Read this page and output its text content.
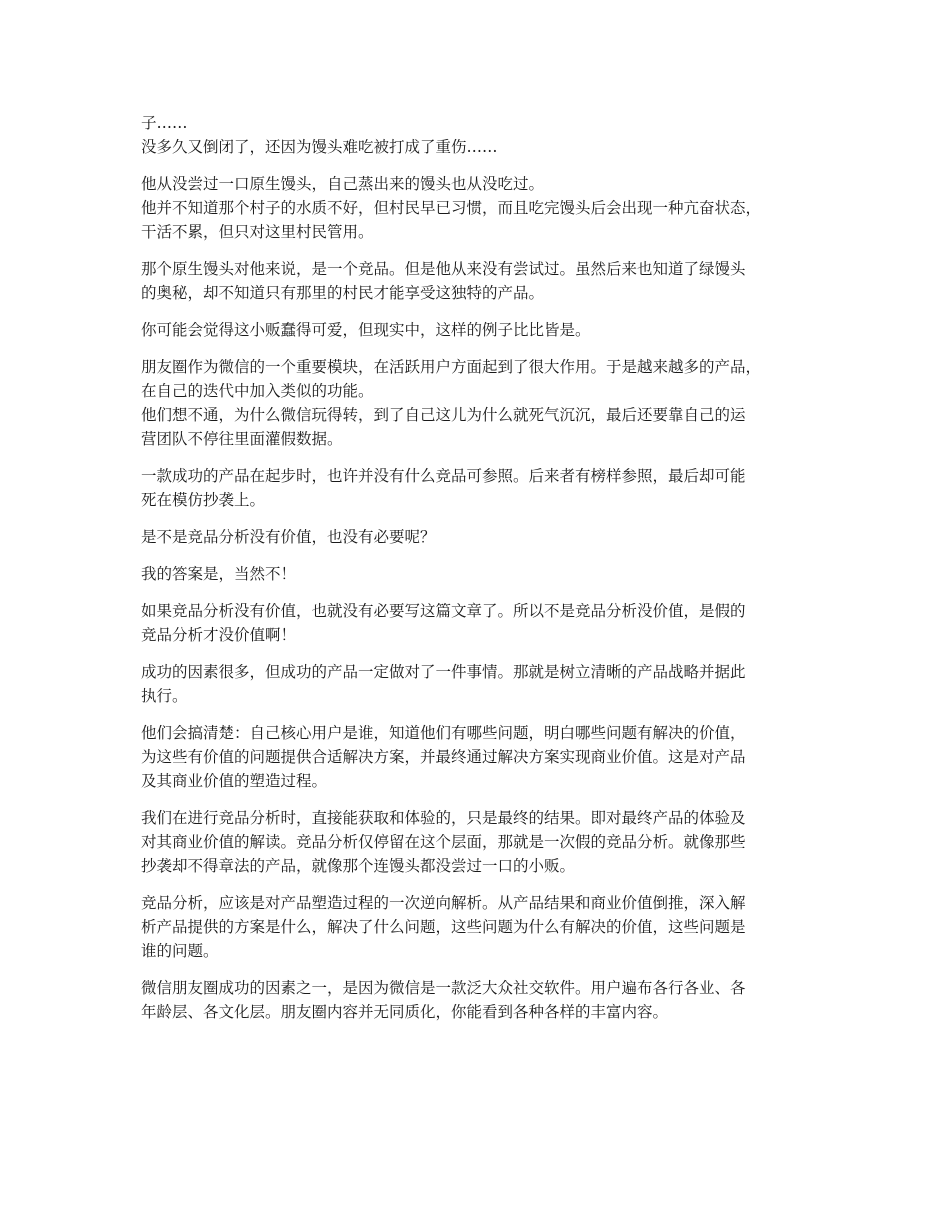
子……
没多久又倒闭了，还因为馒头难吃被打成了重伤……

他从没尝过一口原生馒头，自己蒸出来的馒头也从没吃过。
他并不知道那个村子的水质不好，但村民早已习惯，而且吃完馒头后会出现一种亢奋状态，
干活不累，但只对这里村民管用。

那个原生馒头对他来说，是一个竞品。但是他从来没有尝试过。虽然后来也知道了绿馒头
的奥秘，却不知道只有那里的村民才能享受这独特的产品。

你可能会觉得这小贩蠢得可爱，但现实中，这样的例子比比皆是。

朋友圈作为微信的一个重要模块，在活跃用户方面起到了很大作用。于是越来越多的产品，
在自己的迭代中加入类似的功能。
他们想不通，为什么微信玩得转，到了自己这儿为什么就死气沉沉，最后还要靠自己的运
营团队不停往里面灌假数据。

一款成功的产品在起步时，也许并没有什么竞品可参照。后来者有榜样参照，最后却可能
死在模仿抄袭上。

是不是竞品分析没有价值，也没有必要呢？

我的答案是，当然不！

如果竞品分析没有价值，也就没有必要写这篇文章了。所以不是竞品分析没价值，是假的
竞品分析才没价值啊！

成功的因素很多，但成功的产品一定做对了一件事情。那就是树立清晰的产品战略并据此
执行。

他们会搞清楚：自己核心用户是谁，知道他们有哪些问题，明白哪些问题有解决的价值，
为这些有价值的问题提供合适解决方案，并最终通过解决方案实现商业价值。这是对产品
及其商业价值的塑造过程。

我们在进行竞品分析时，直接能获取和体验的，只是最终的结果。即对最终产品的体验及
对其商业价值的解读。竞品分析仅停留在这个层面，那就是一次假的竞品分析。就像那些
抄袭却不得章法的产品，就像那个连馒头都没尝过一口的小贩。

竞品分析，应该是对产品塑造过程的一次逆向解析。从产品结果和商业价值倒推，深入解
析产品提供的方案是什么，解决了什么问题，这些问题为什么有解决的价值，这些问题是
谁的问题。

微信朋友圈成功的因素之一，是因为微信是一款泛大众社交软件。用户遍布各行各业、各
年龄层、各文化层。朋友圈内容并无同质化，你能看到各种各样的丰富内容。
